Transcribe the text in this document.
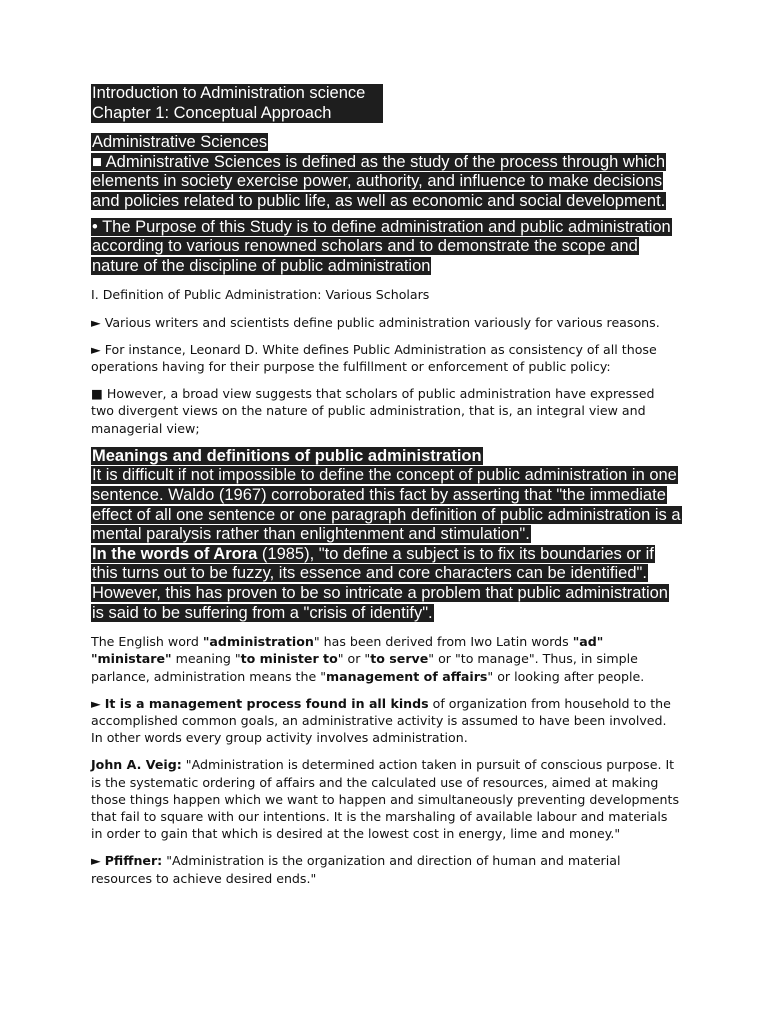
Introduction to Administration science
Chapter 1: Conceptual Approach

Administrative Sciences
■ Administrative Sciences is defined as the study of the process through which elements in society exercise power, authority, and influence to make decisions and policies related to public life, as well as economic and social development.

• The Purpose of this Study is to define administration and public administration according to various renowned scholars and to demonstrate the scope and nature of the discipline of public administration

I. Definition of Public Administration: Various Scholars

► Various writers and scientists define public administration variously for various reasons.

► For instance, Leonard D. White defines Public Administration as consistency of all those operations having for their purpose the fulfillment or enforcement of public policy:

■ However, a broad view suggests that scholars of public administration have expressed two divergent views on the nature of public administration, that is, an integral view and managerial view;

Meanings and definitions of public administration
It is difficult if not impossible to define the concept of public administration in one sentence. Waldo (1967) corroborated this fact by asserting that "the immediate effect of all one sentence or one paragraph definition of public administration is a mental paralysis rather than enlightenment and stimulation".
In the words of Arora (1985), "to define a subject is to fix its boundaries or if this turns out to be fuzzy, its essence and core characters can be identified". However, this has proven to be so intricate a problem that public administration is said to be suffering from a "crisis of identify".

The English word "administration" has been derived from Iwo Latin words "ad" "ministare" meaning "to minister to" or "to serve" or "to manage". Thus, in simple parlance, administration means the "management of affairs" or looking after people.

► It is a management process found in all kinds of organization from household to the accomplished common goals, an administrative activity is assumed to have been involved. In other words every group activity involves administration.

John A. Veig: "Administration is determined action taken in pursuit of conscious purpose. It is the systematic ordering of affairs and the calculated use of resources, aimed at making those things happen which we want to happen and simultaneously preventing developments that fail to square with our intentions. It is the marshaling of available labour and materials in order to gain that which is desired at the lowest cost in energy, lime and money."

► Pfiffner: "Administration is the organization and direction of human and material resources to achieve desired ends."
